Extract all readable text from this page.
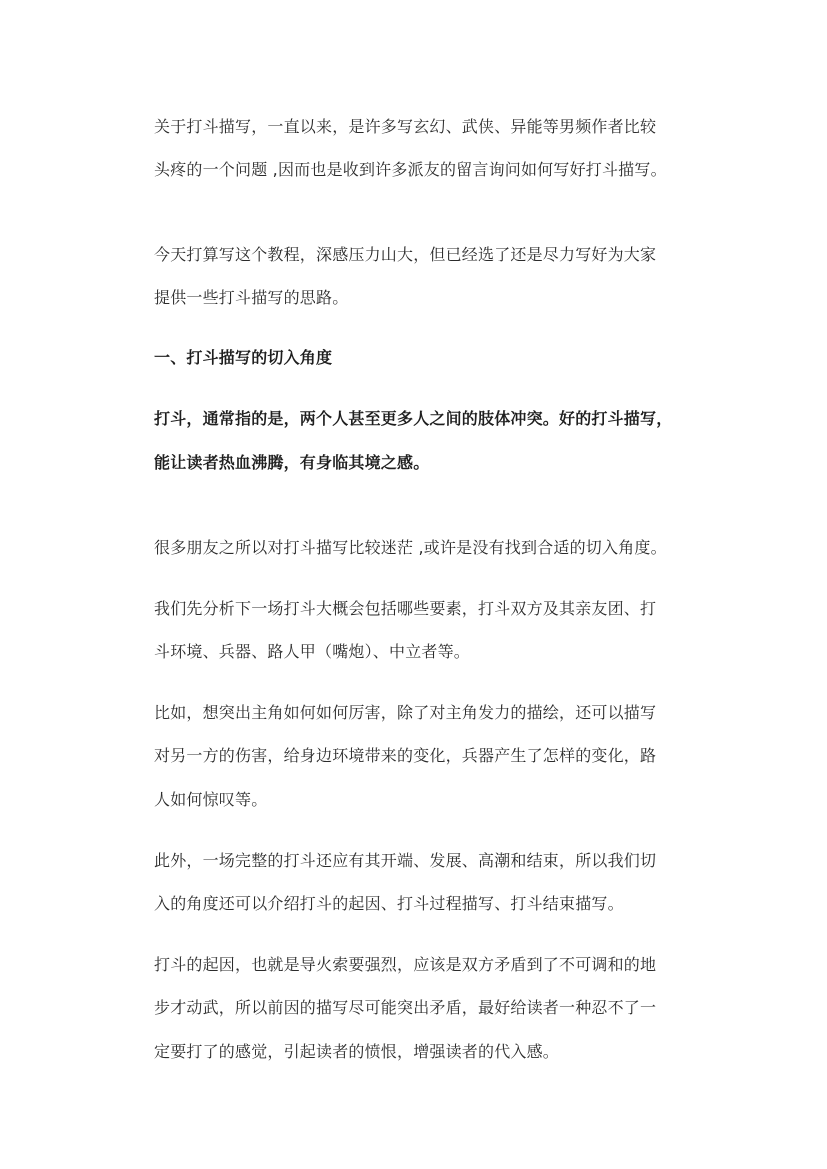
关于打斗描写，一直以来，是许多写玄幻、武侠、异能等男频作者比较
头疼的一个问题 ,因而也是收到许多派友的留言询问如何写好打斗描写。
今天打算写这个教程，深感压力山大，但已经选了还是尽力写好为大家
提供一些打斗描写的思路。
一、打斗描写的切入角度
打斗，通常指的是，两个人甚至更多人之间的肢体冲突。好的打斗描写，
能让读者热血沸腾，有身临其境之感。
很多朋友之所以对打斗描写比较迷茫 ,或许是没有找到合适的切入角度。
我们先分析下一场打斗大概会包括哪些要素，打斗双方及其亲友团、打
斗环境、兵器、路人甲（嘴炮）、中立者等。
比如，想突出主角如何如何厉害，除了对主角发力的描绘，还可以描写
对另一方的伤害，给身边环境带来的变化，兵器产生了怎样的变化，路
人如何惊叹等。
此外，一场完整的打斗还应有其开端、发展、高潮和结束，所以我们切
入的角度还可以介绍打斗的起因、打斗过程描写、打斗结束描写。
打斗的起因，也就是导火索要强烈，应该是双方矛盾到了不可调和的地
步才动武，所以前因的描写尽可能突出矛盾，最好给读者一种忍不了一
定要打了的感觉，引起读者的愤恨，增强读者的代入感。
